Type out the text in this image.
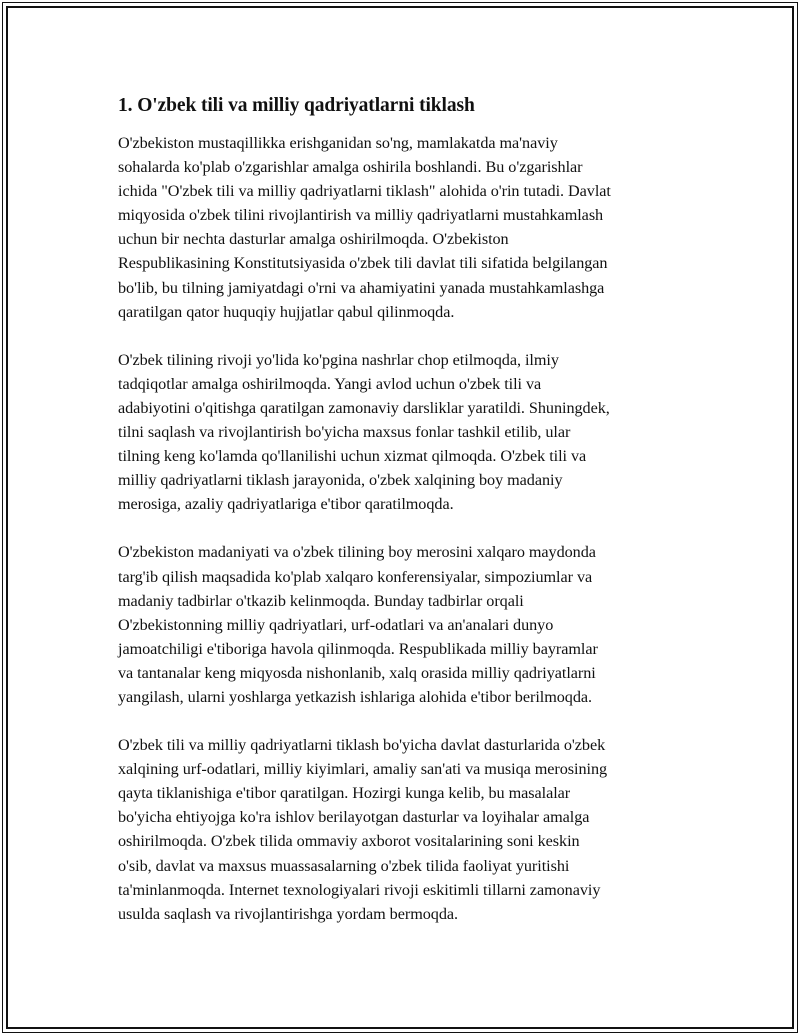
1. O'zbek tili va milliy qadriyatlarni tiklash

O'zbekiston mustaqillikka erishganidan so'ng, mamlakatda ma'naviy
sohalarda ko'plab o'zgarishlar amalga oshirila boshlandi. Bu o'zgarishlar
ichida "O'zbek tili va milliy qadriyatlarni tiklash" alohida o'rin tutadi. Davlat
miqyosida o'zbek tilini rivojlantirish va milliy qadriyatlarni mustahkamlash
uchun bir nechta dasturlar amalga oshirilmoqda. O'zbekiston
Respublikasining Konstitutsiyasida o'zbek tili davlat tili sifatida belgilangan
bo'lib, bu tilning jamiyatdagi o'rni va ahamiyatini yanada mustahkamlashga
qaratilgan qator huquqiy hujjatlar qabul qilinmoqda.

O'zbek tilining rivoji yo'lida ko'pgina nashrlar chop etilmoqda, ilmiy
tadqiqotlar amalga oshirilmoqda. Yangi avlod uchun o'zbek tili va
adabiyotini o'qitishga qaratilgan zamonaviy darsliklar yaratildi. Shuningdek,
tilni saqlash va rivojlantirish bo'yicha maxsus fonlar tashkil etilib, ular
tilning keng ko'lamda qo'llanilishi uchun xizmat qilmoqda. O'zbek tili va
milliy qadriyatlarni tiklash jarayonida, o'zbek xalqining boy madaniy
merosiga, azaliy qadriyatlariga e'tibor qaratilmoqda.

O'zbekiston madaniyati va o'zbek tilining boy merosini xalqaro maydonda
targ'ib qilish maqsadida ko'plab xalqaro konferensiyalar, simpoziumlar va
madaniy tadbirlar o'tkazib kelinmoqda. Bunday tadbirlar orqali
O'zbekistonning milliy qadriyatlari, urf-odatlari va an'analari dunyo
jamoatchiligi e'tiboriga havola qilinmoqda. Respublikada milliy bayramlar
va tantanalar keng miqyosda nishonlanib, xalq orasida milliy qadriyatlarni
yangilash, ularni yoshlarga yetkazish ishlariga alohida e'tibor berilmoqda.

O'zbek tili va milliy qadriyatlarni tiklash bo'yicha davlat dasturlarida o'zbek
xalqining urf-odatlari, milliy kiyimlari, amaliy san'ati va musiqa merosining
qayta tiklanishiga e'tibor qaratilgan. Hozirgi kunga kelib, bu masalalar
bo'yicha ehtiyojga ko'ra ishlov berilayotgan dasturlar va loyihalar amalga
oshirilmoqda. O'zbek tilida ommaviy axborot vositalarining soni keskin
o'sib, davlat va maxsus muassasalarning o'zbek tilida faoliyat yuritishi
ta'minlanmoqda. Internet texnologiyalari rivoji eskitimli tillarni zamonaviy
usulda saqlash va rivojlantirishga yordam bermoqda.
